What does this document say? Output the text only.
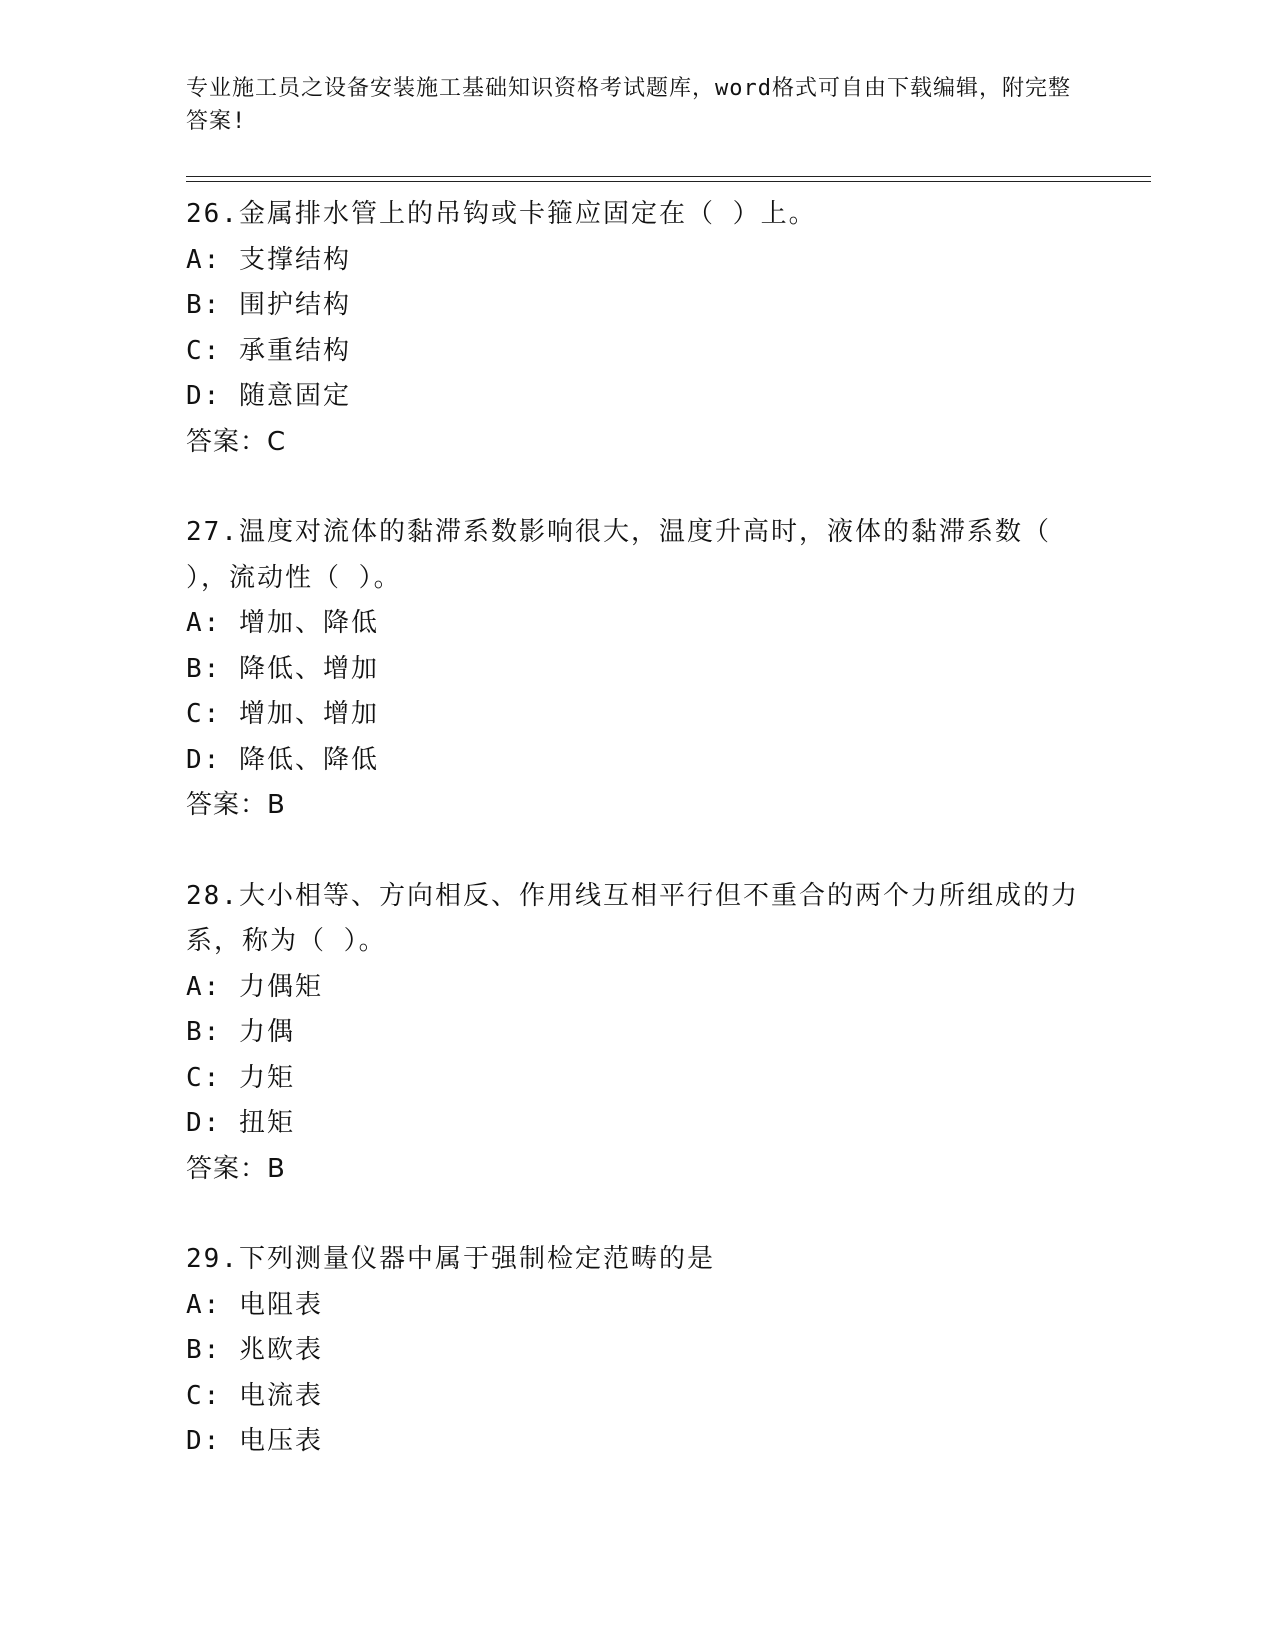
专业施工员之设备安装施工基础知识资格考试题库，word格式可自由下载编辑，附完整答案!

26.金属排水管上的吊钩或卡箍应固定在（ ）上。

A: 支撑结构

B: 围护结构

C: 承重结构

D: 随意固定

答案：C

27.温度对流体的黏滞系数影响很大，温度升高时，液体的黏滞系数（ ），流动性（ ）。

A: 增加、降低

B: 降低、增加

C: 增加、增加

D: 降低、降低

答案：B

28.大小相等、方向相反、作用线互相平行但不重合的两个力所组成的力系，称为（ ）。

A: 力偶矩

B: 力偶

C: 力矩

D: 扭矩

答案：B

29.下列测量仪器中属于强制检定范畴的是

A: 电阻表

B: 兆欧表

C: 电流表

D: 电压表
